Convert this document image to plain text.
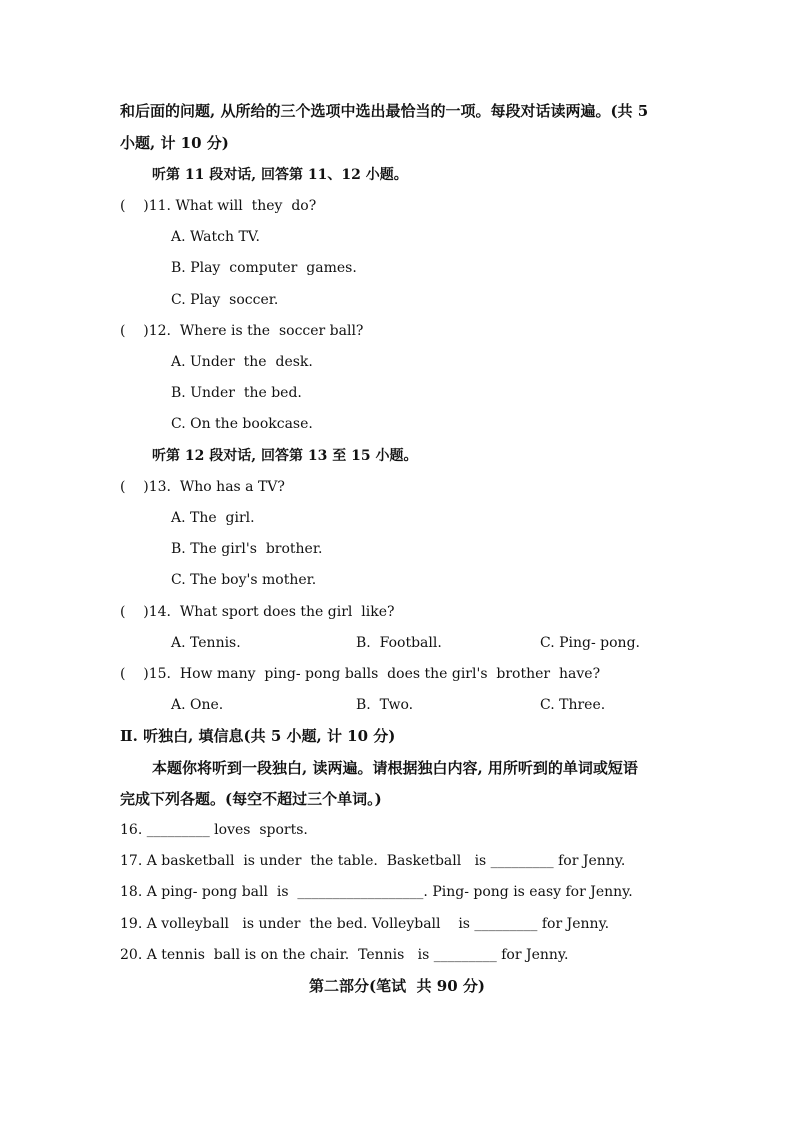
和后面的问题, 从所给的三个选项中选出最恰当的一项。每段对话读两遍。(共 5
小题, 计 10 分)
听第 11 段对话, 回答第 11、12 小题。
(    )11. What will  they  do?
A. Watch TV.
B. Play  computer  games.
C. Play  soccer.
(    )12.  Where is the  soccer ball?
A. Under  the  desk.
B. Under  the bed.
C. On the bookcase.
听第 12 段对话, 回答第 13 至 15 小题。
(    )13.  Who has a TV?
A. The  girl.
B. The girl's  brother.
C. The boy's mother.
(    )14.  What sport does the girl  like?
A. Tennis.	B.  Football.	C. Ping- pong.
(    )15.  How many  ping- pong balls  does the girl's  brother  have?
A. One.	B.  Two.	C. Three.
Ⅱ. 听独白, 填信息(共 5 小题, 计 10 分)
本题你将听到一段独白, 读两遍。请根据独白内容, 用所听到的单词或短语
完成下列各题。(每空不超过三个单词。)
16. _________ loves  sports.
17. A basketball  is under  the table.  Basketball   is _________ for Jenny.
18. A ping- pong ball  is  __________________. Ping- pong is easy for Jenny.
19. A volleyball   is under  the bed. Volleyball    is _________ for Jenny.
20. A tennis  ball is on the chair.  Tennis   is _________ for Jenny.
第二部分(笔试  共 90 分)
